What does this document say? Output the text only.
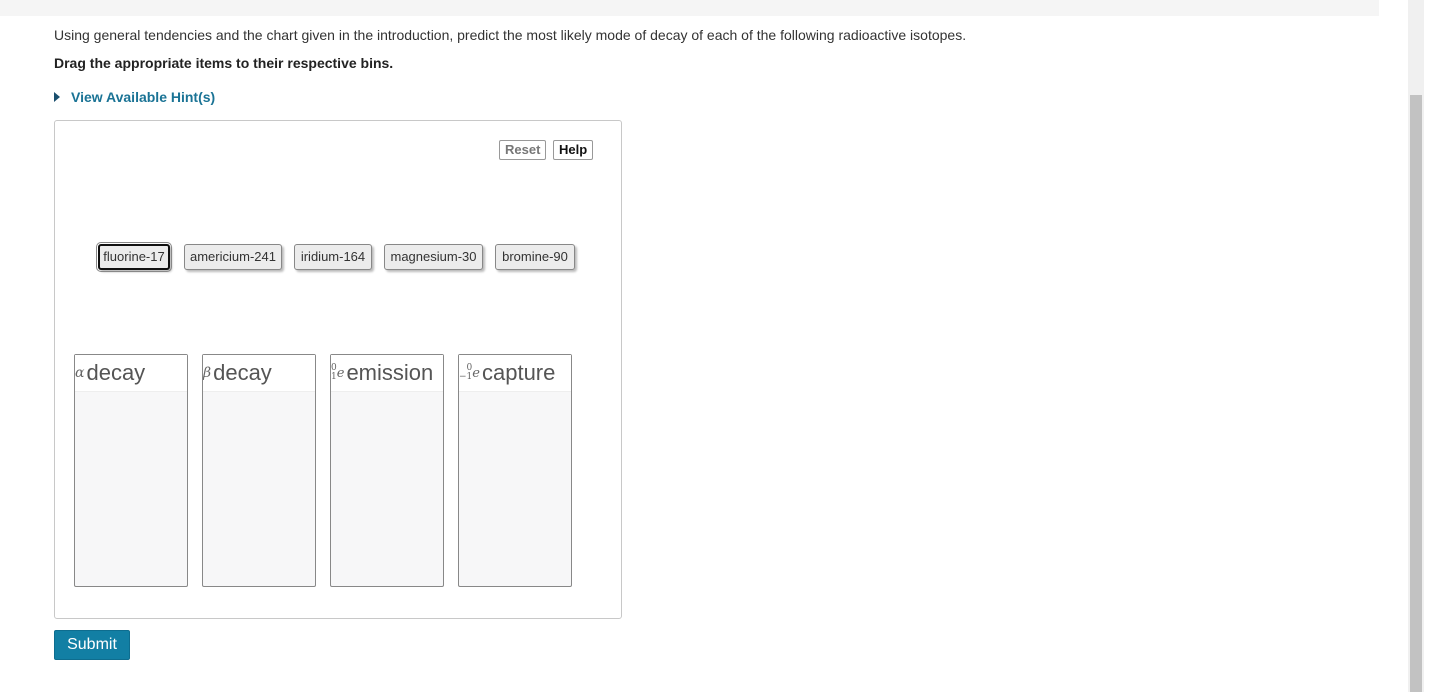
Using general tendencies and the chart given in the introduction, predict the most likely mode of decay of each of the following radioactive isotopes.
Drag the appropriate items to their respective bins.
View Available Hint(s)
Reset	Help
fluorine-17	americium-241	iridium-164	magnesium-30	bromine-90
α decay	β decay	0
1 e emission	0
−1 e capture
Submit
